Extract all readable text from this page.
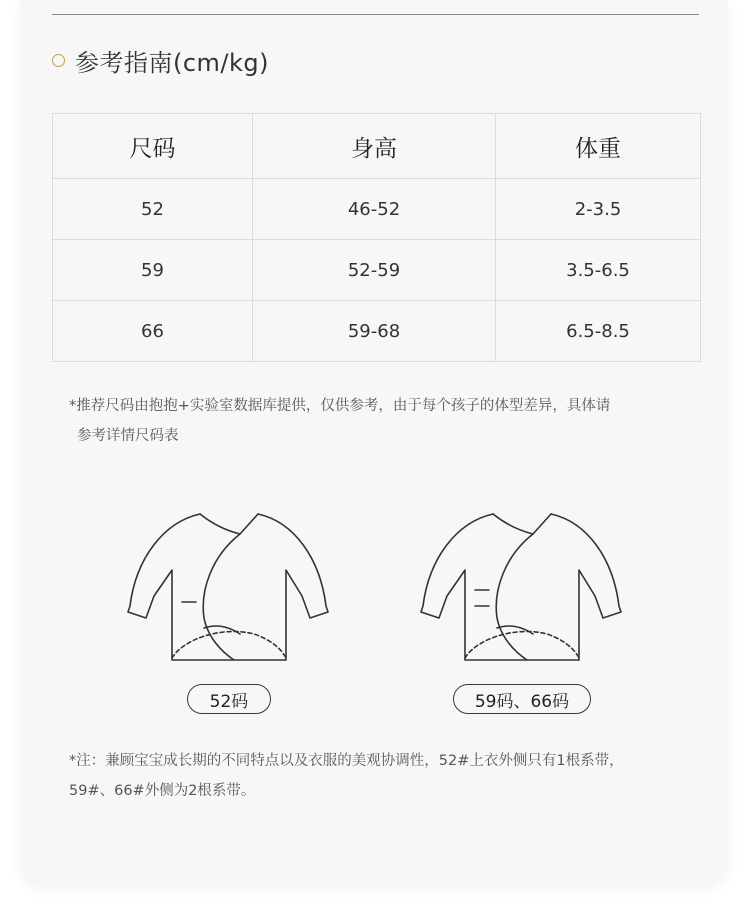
参考指南(cm/kg)
尺码	身高	体重
52	46-52	2-3.5
59	52-59	3.5-6.5
66	59-68	6.5-8.5
*推荐尺码由抱抱+实验室数据库提供，仅供参考，由于每个孩子的体型差异，具体请
参考详情尺码表
52码	59码、66码
*注：兼顾宝宝成长期的不同特点以及衣服的美观协调性，52#上衣外侧只有1根系带，
59#、66#外侧为2根系带。
